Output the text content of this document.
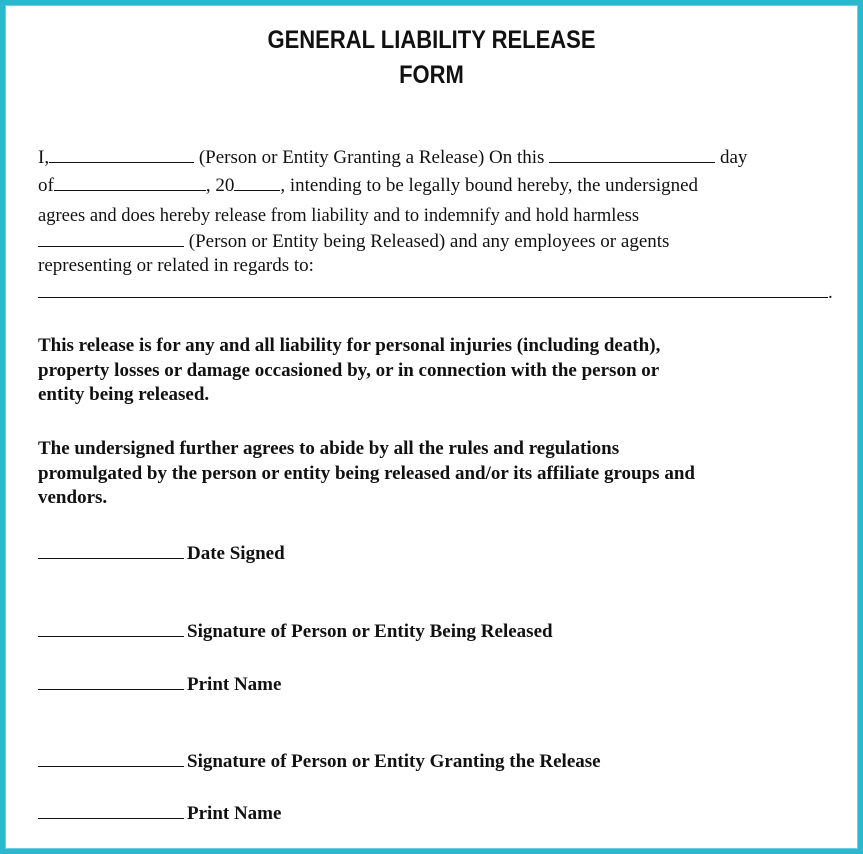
GENERAL LIABILITY RELEASE
FORM
I,	(Person or Entity Granting a Release) On this	day
of	, 20 , intending to be legally bound hereby, the undersigned
agrees and does hereby release from liability and to indemnify and hold harmless
(Person or Entity being Released) and any employees or agents
representing or related in regards to:
.
This release is for any and all liability for personal injuries (including death),
property losses or damage occasioned by, or in connection with the person or
entity being released.
The undersigned further agrees to abide by all the rules and regulations
promulgated by the person or entity being released and/or its affiliate groups and
vendors.
Date Signed
Signature of Person or Entity Being Released
Print Name
Signature of Person or Entity Granting the Release
Print Name
